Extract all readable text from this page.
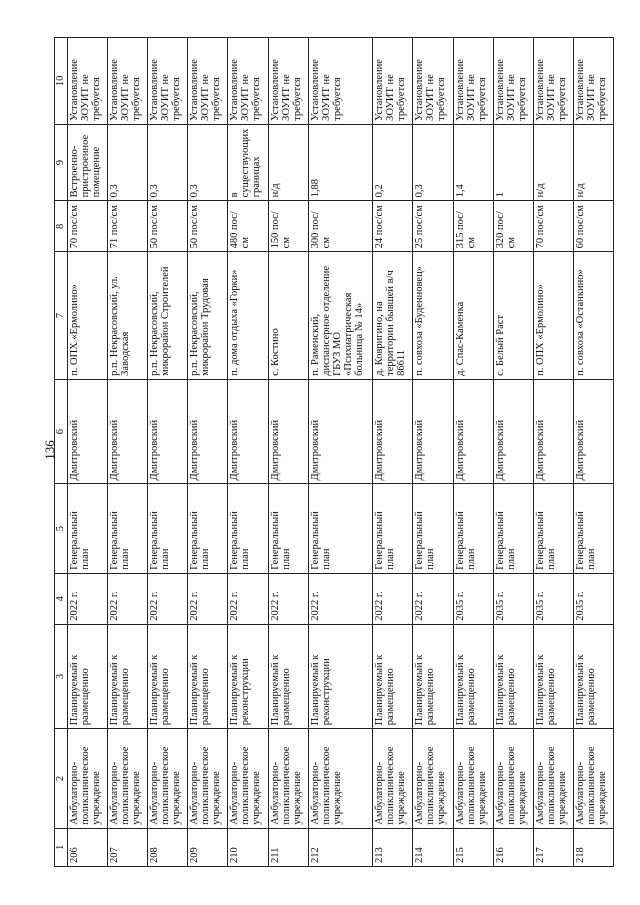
136
1	2	3	4	5	6	7	8	9	10
206	Амбулаторно-поликлиническое учреждение	Планируемый к размещению	2022 г.	Генеральный план	Дмитровский	п. ОПХ «Ермолино»	70 пос/см	Встроенно-пристроенное помещение	Установление ЗОУИТ не требуется
207	Амбулаторно-поликлиническое учреждение	Планируемый к размещению	2022 г.	Генеральный план	Дмитровский	р.п. Некрасовский, ул. Заводская	71 пос/см	0,3	Установление ЗОУИТ не требуется
208	Амбулаторно-поликлиническое учреждение	Планируемый к размещению	2022 г.	Генеральный план	Дмитровский	р.п. Некрасовский, микрорайон Строителей	50 пос/см	0,3	Установление ЗОУИТ не требуется
209	Амбулаторно-поликлиническое учреждение	Планируемый к размещению	2022 г.	Генеральный план	Дмитровский	р.п. Некрасовский, микрорайон Трудовая	50 пос/см	0,3	Установление ЗОУИТ не требуется
210	Амбулаторно-поликлиническое учреждение	Планируемый к реконструкции	2022 г.	Генеральный план	Дмитровский	п. дома отдыха «Горки»	480 пос/см	в существующих границах	Установление ЗОУИТ не требуется
211	Амбулаторно-поликлиническое учреждение	Планируемый к размещению	2022 г.	Генеральный план	Дмитровский	с. Костино	150 пос/см	н/д	Установление ЗОУИТ не требуется
212	Амбулаторно-поликлиническое учреждение	Планируемый к реконструкции	2022 г.	Генеральный план	Дмитровский	п. Раменский, диспансерное отделение ГБУЗ МО «Психиатрическая больница № 14»	300 пос/см	1,88	Установление ЗОУИТ не требуется
213	Амбулаторно-поликлиническое учреждение	Планируемый к размещению	2022 г.	Генеральный план	Дмитровский	д. Ковригино, на территории бывшей в/ч 86611	24 пос/см	0,2	Установление ЗОУИТ не требуется
214	Амбулаторно-поликлиническое учреждение	Планируемый к размещению	2022 г.	Генеральный план	Дмитровский	п. совхоза «Буденновец»	25 пос/см	0,3	Установление ЗОУИТ не требуется
215	Амбулаторно-поликлиническое учреждение	Планируемый к размещению	2035 г.	Генеральный план	Дмитровский	д. Спас-Каменка	315 пос/см	1,4	Установление ЗОУИТ не требуется
216	Амбулаторно-поликлиническое учреждение	Планируемый к размещению	2035 г.	Генеральный план	Дмитровский	с. Белый Раст	320 пос/см	1	Установление ЗОУИТ не требуется
217	Амбулаторно-поликлиническое учреждение	Планируемый к размещению	2035 г.	Генеральный план	Дмитровский	п. ОПХ «Ермолино»	70 пос/см	н/д	Установление ЗОУИТ не требуется
218	Амбулаторно-поликлиническое учреждение	Планируемый к размещению	2035 г.	Генеральный план	Дмитровский	п. совхоза «Останкино»	60 пос/см	н/д	Установление ЗОУИТ не требуется
